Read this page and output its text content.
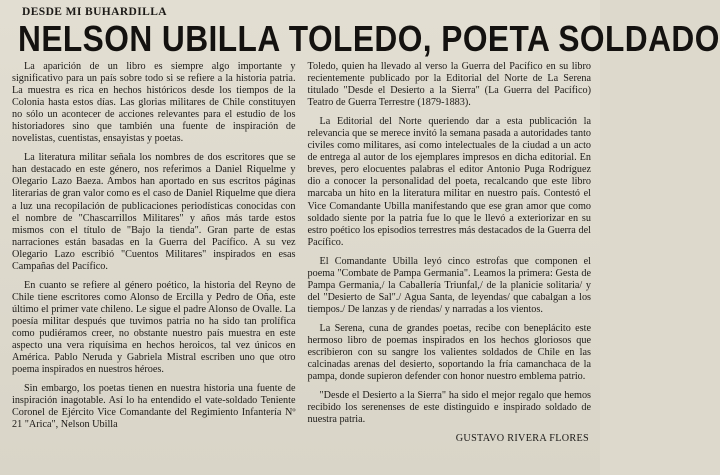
DESDE MI BUHARDILLA
NELSON UBILLA TOLEDO, POETA SOLDADO

La aparición de un libro es siempre algo importante y significativo para un país sobre todo si se refiere a la historia patria. La muestra es rica en hechos históricos desde los tiempos de la Colonia hasta estos días. Las glorias militares de Chile constituyen no sólo un acontecer de acciones relevantes para el estudio de los historiadores sino que también una fuente de inspiración de novelistas, cuentistas, ensayistas y poetas.

La literatura militar señala los nombres de dos escritores que se han destacado en este género, nos referimos a Daniel Riquelme y Olegario Lazo Baeza. Ambos han aportado en sus escritos páginas literarias de gran valor como es el caso de Daniel Riquelme que diera a luz una recopilación de publicaciones periodísticas conocidas con el nombre de "Chascarrillos Militares" y años más tarde estos mismos con el título de "Bajo la tienda". Gran parte de estas narraciones están basadas en la Guerra del Pacífico. A su vez Olegario Lazo escribió "Cuentos Militares" inspirados en esas Campañas del Pacífico.

En cuanto se refiere al género poético, la historia del Reyno de Chile tiene escritores como Alonso de Ercilla y Pedro de Oña, este último el primer vate chileno. Le sigue el padre Alonso de Ovalle. La poesía militar después que tuvimos patria no ha sido tan prolífica como pudiéramos creer, no obstante nuestro país muestra en este aspecto una vera riquísima en hechos heroicos, tal vez únicos en América. Pablo Neruda y Gabriela Mistral escriben uno que otro poema inspirados en nuestros héroes.

Sin embargo, los poetas tienen en nuestra historia una fuente de inspiración inagotable. Así lo ha entendido el vate-soldado Teniente Coronel de Ejército Vice Comandante del Regimiento Infantería Nº 21 "Arica", Nelson Ubilla

Toledo, quien ha llevado al verso la Guerra del Pacífico en su libro recientemente publicado por la Editorial del Norte de La Serena titulado "Desde el Desierto a la Sierra" (La Guerra del Pacífico) Teatro de Guerra Terrestre (1879-1883).

La Editorial del Norte queriendo dar a esta publicación la relevancia que se merece invitó la semana pasada a autoridades tanto civiles como militares, así como intelectuales de la ciudad a un acto de entrega al autor de los ejemplares impresos en dicha editorial. En breves, pero elocuentes palabras el editor Antonio Puga Rodríguez dio a conocer la personalidad del poeta, recalcando que este libro marcaba un hito en la literatura militar en nuestro país. Contestó el Vice Comandante Ubilla manifestando que ese gran amor que como soldado siente por la patria fue lo que le llevó a exteriorizar en su estro poético los episodios terrestres más destacados de la Guerra del Pacífico.

El Comandante Ubilla leyó cinco estrofas que componen el poema "Combate de Pampa Germania". Leamos la primera: Gesta de Pampa Germania,/ la Caballería Triunfal,/ de la planicie solitaria/ y del "Desierto de Sal"./ Agua Santa, de leyendas/ que cabalgan a los tiempos./ De lanzas y de riendas/ y narradas a los vientos.

La Serena, cuna de grandes poetas, recibe con beneplácito este hermoso libro de poemas inspirados en los hechos gloriosos que escribieron con su sangre los valientes soldados de Chile en las calcinadas arenas del desierto, soportando la fría camanchaca de la pampa, donde supieron defender con honor nuestro emblema patrio.

"Desde el Desierto a la Sierra" ha sido el mejor regalo que hemos recibido los serenenses de este distinguido e inspirado soldado de nuestra patria.

GUSTAVO RIVERA FLORES
